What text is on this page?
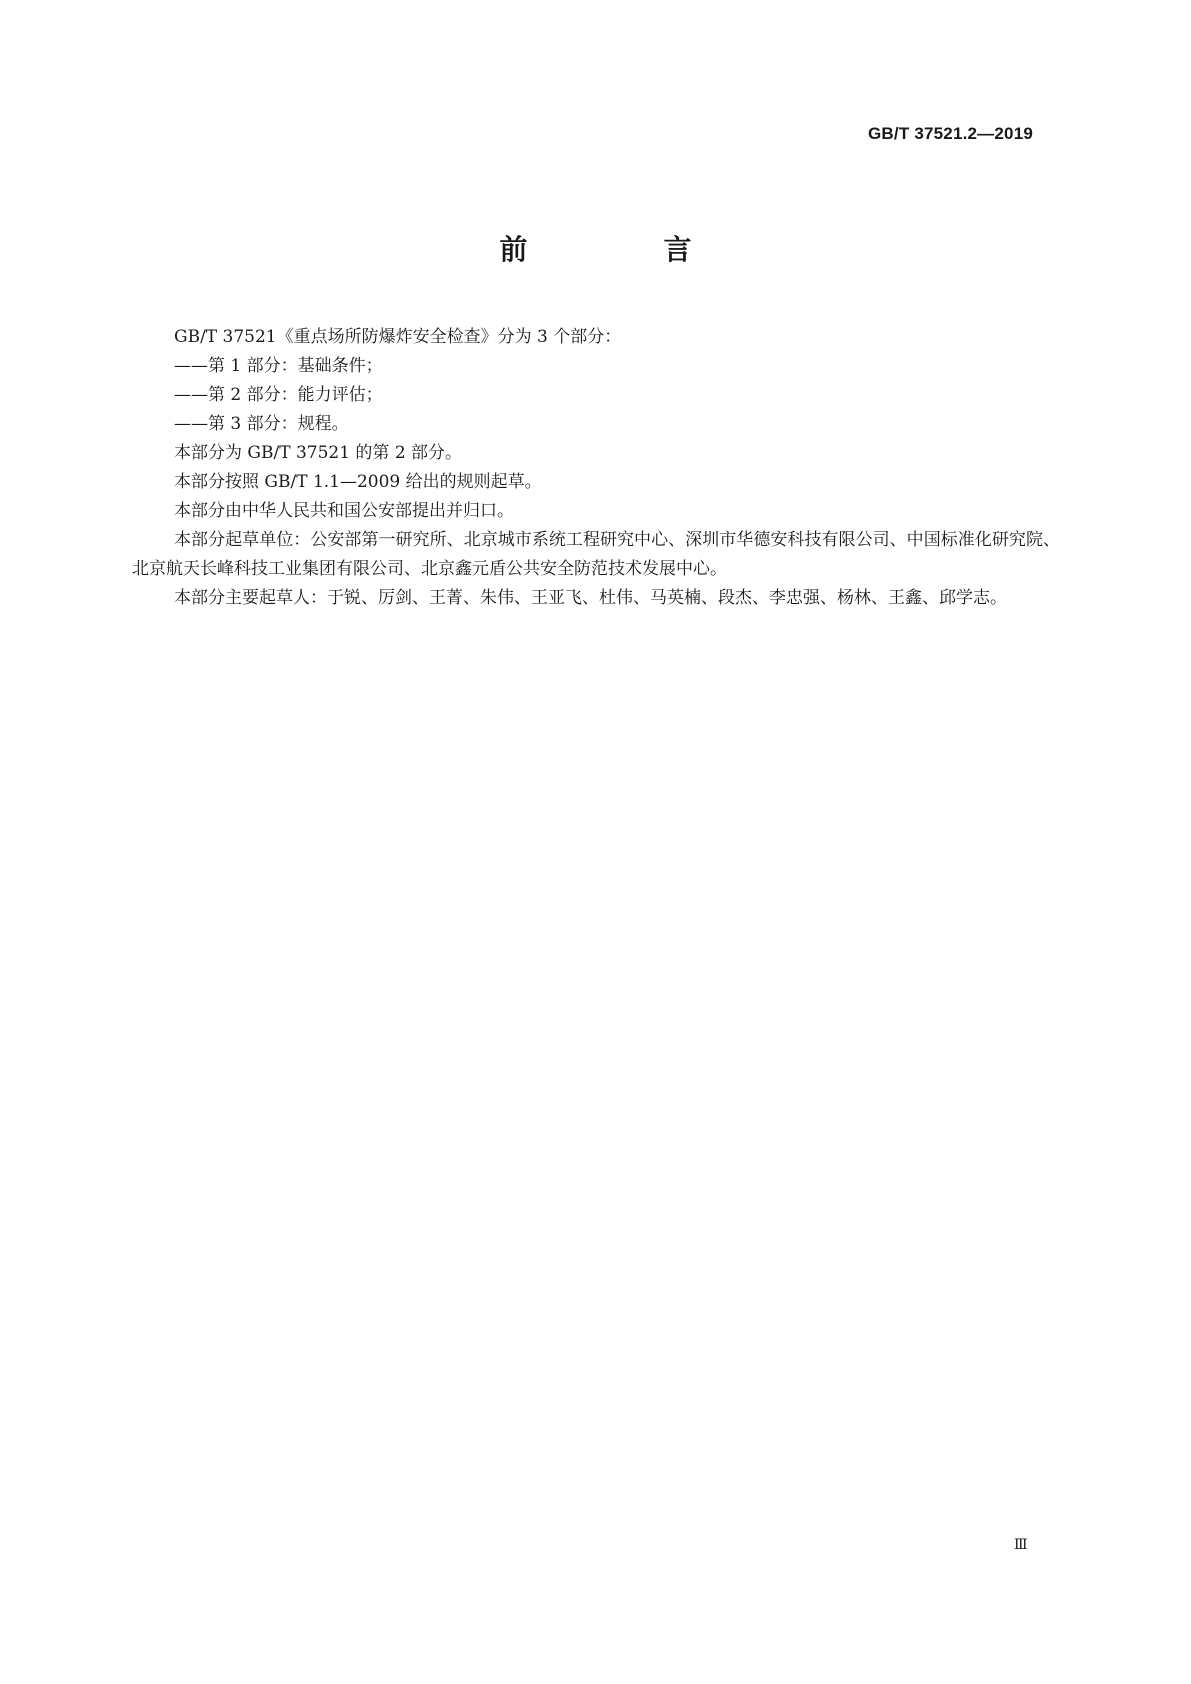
GB/T 37521.2—2019
前　言

GB/T 37521《重点场所防爆炸安全检查》分为 3 个部分：

——第 1 部分：基础条件；

——第 2 部分：能力评估；

——第 3 部分：规程。

本部分为 GB/T 37521 的第 2 部分。

本部分按照 GB/T 1.1—2009 给出的规则起草。

本部分由中华人民共和国公安部提出并归口。

本部分起草单位：公安部第一研究所、北京城市系统工程研究中心、深圳市华德安科技有限公司、中国标准化研究院、北京航天长峰科技工业集团有限公司、北京鑫元盾公共安全防范技术发展中心。

本部分主要起草人：于锐、厉剑、王菁、朱伟、王亚飞、杜伟、马英楠、段杰、李忠强、杨林、王鑫、邱学志。

Ⅲ
